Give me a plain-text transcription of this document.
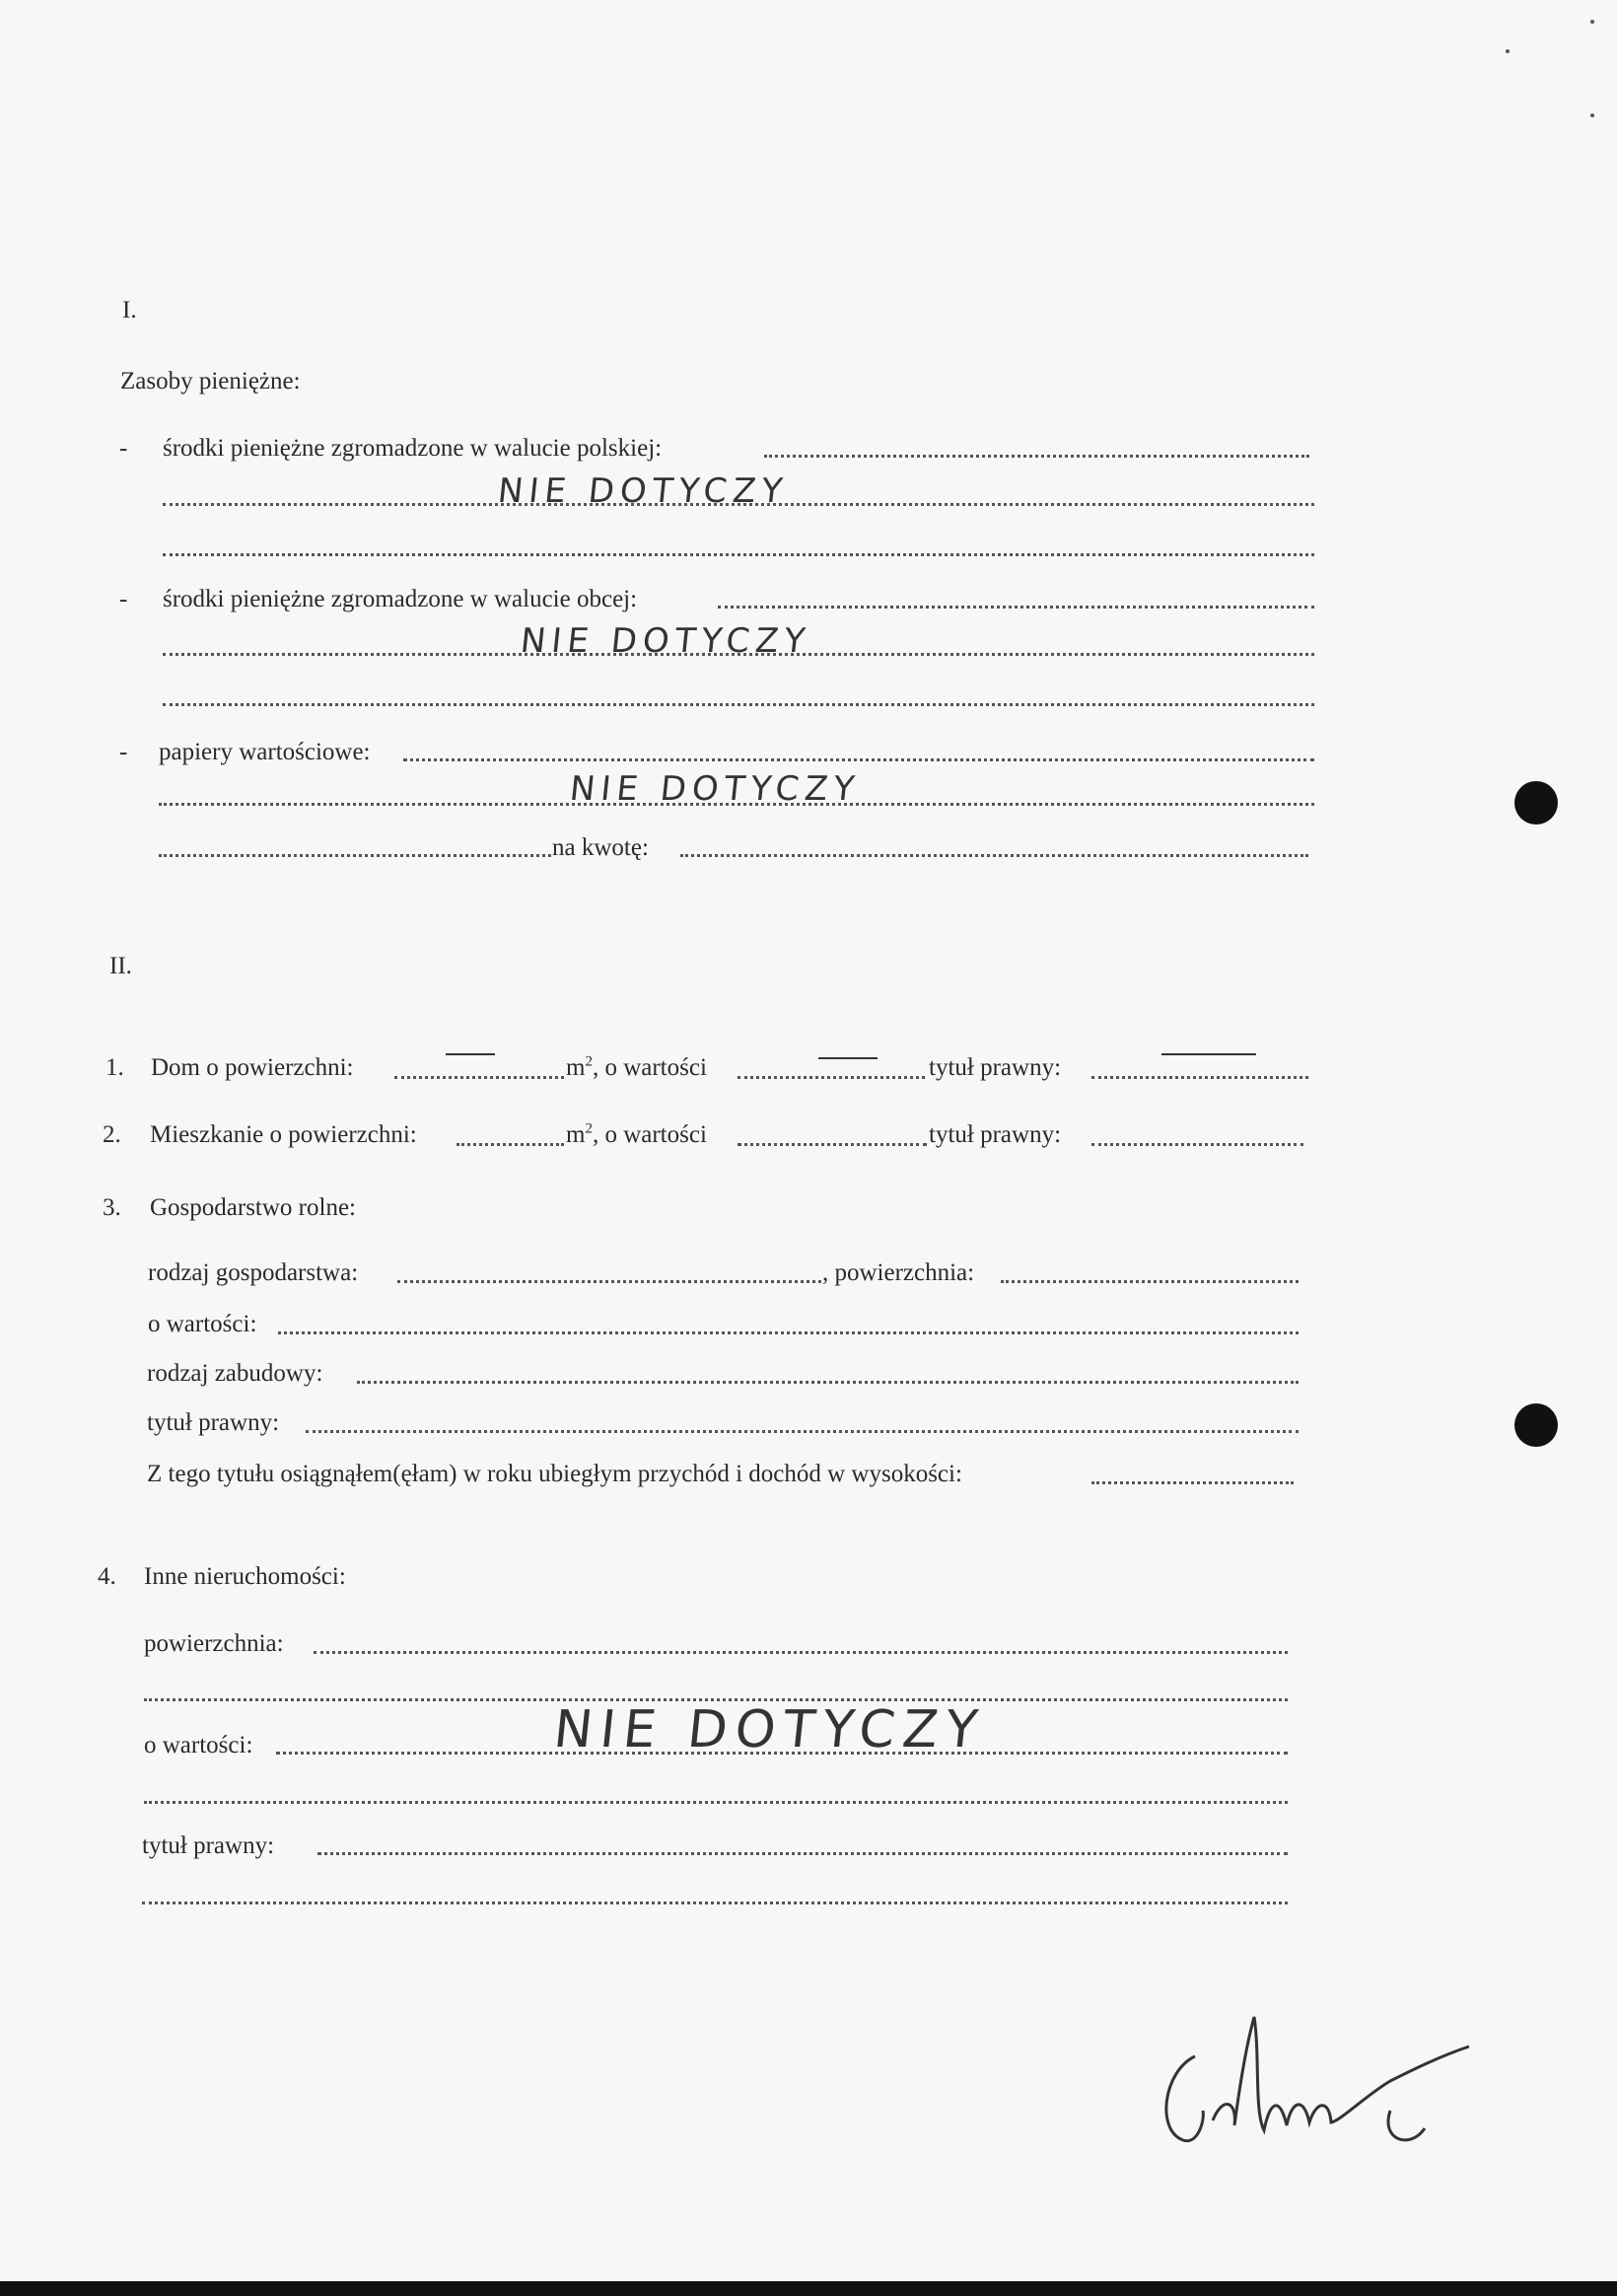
I.
Zasoby pieniężne:
- środki pieniężne zgromadzone w walucie polskiej:
NIE DOTYCZY
- środki pieniężne zgromadzone w walucie obcej:
NIE DOTYCZY
- papiery wartościowe:
NIE DOTYCZY
na kwotę:
II.
1. Dom o powierzchni:	$m^2$, o wartości	tytuł prawny:
2. Mieszkanie o powierzchni:	$m^2$, o wartości	tytuł prawny:
3. Gospodarstwo rolne:
rodzaj gospodarstwa:	, powierzchnia:
o wartości:
rodzaj zabudowy:
tytuł prawny:
Z tego tytułu osiągnąłem(ęłam) w roku ubiegłym przychód i dochód w wysokości:
4. Inne nieruchomości:
powierzchnia:
o wartości:	NIE DOTYCZY
tytuł prawny:
